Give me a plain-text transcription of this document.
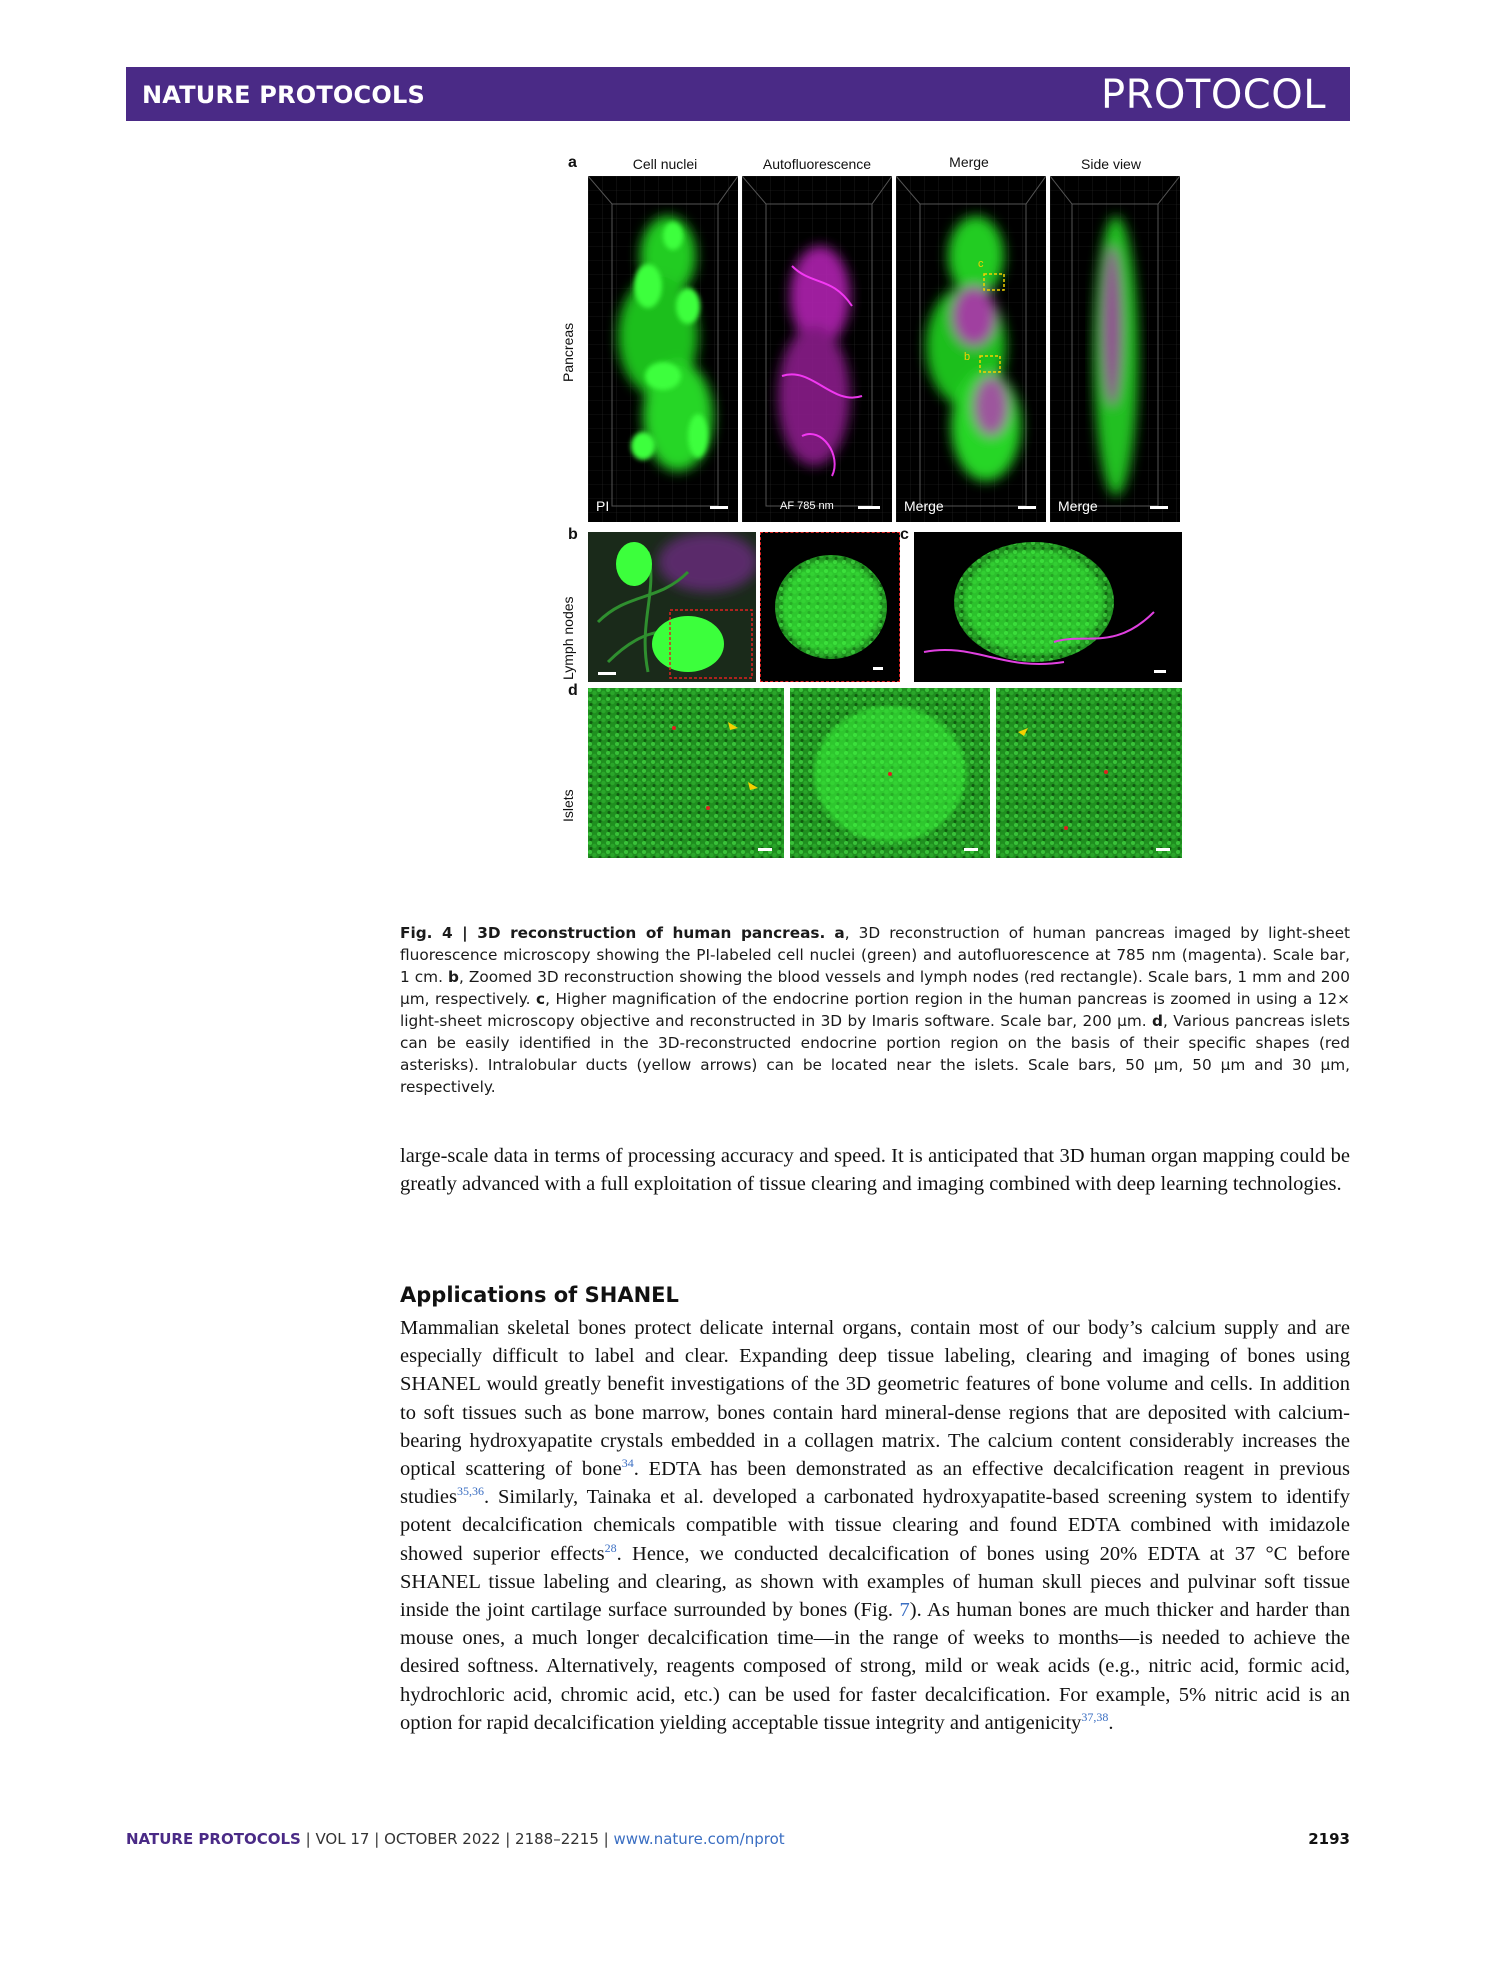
NATURE PROTOCOLS	PROTOCOL
a	Cell nuclei	Autofluorescence	Merge	Side view
Pancreas
PI	AF 785 nm
c
b
Merge	Merge
b
Lymph nodes
c
d
Islets
Fig. 4 | 3D reconstruction of human pancreas. a, 3D reconstruction of human pancreas imaged by light-sheet fluorescence microscopy showing the PI-labeled cell nuclei (green) and autofluorescence at 785 nm (magenta). Scale bar, 1 cm. b, Zoomed 3D reconstruction showing the blood vessels and lymph nodes (red rectangle). Scale bars, 1 mm and 200 μm, respectively. c, Higher magnification of the endocrine portion region in the human pancreas is zoomed in using a 12× light-sheet microscopy objective and reconstructed in 3D by Imaris software. Scale bar, 200 μm. d, Various pancreas islets can be easily identified in the 3D-reconstructed endocrine portion region on the basis of their specific shapes (red asterisks). Intralobular ducts (yellow arrows) can be located near the islets. Scale bars, 50 μm, 50 μm and 30 μm, respectively.
large-scale data in terms of processing accuracy and speed. It is anticipated that 3D human organ mapping could be greatly advanced with a full exploitation of tissue clearing and imaging combined with deep learning technologies.
Applications of SHANEL
Mammalian skeletal bones protect delicate internal organs, contain most of our body’s calcium supply and are especially difficult to label and clear. Expanding deep tissue labeling, clearing and imaging of bones using SHANEL would greatly benefit investigations of the 3D geometric features of bone volume and cells. In addition to soft tissues such as bone marrow, bones contain hard mineral-dense regions that are deposited with calcium-bearing hydroxyapatite crystals embedded in a collagen matrix. The calcium content considerably increases the optical scattering of bone$^{34}$. EDTA has been demonstrated as an effective decalcification reagent in previous studies$^{35,36}$. Similarly, Tainaka et al. developed a carbonated hydroxyapatite-based screening system to identify potent decalcification chemicals compatible with tissue clearing and found EDTA combined with imidazole showed superior effects$^{28}$. Hence, we conducted decalcification of bones using 20% EDTA at 37 °C before SHANEL tissue labeling and clearing, as shown with examples of human skull pieces and pulvinar soft tissue inside the joint cartilage surface surrounded by bones (Fig. 7). As human bones are much thicker and harder than mouse ones, a much longer decalcification time—in the range of weeks to months—is needed to achieve the desired softness. Alternatively, reagents composed of strong, mild or weak acids (e.g., nitric acid, formic acid, hydrochloric acid, chromic acid, etc.) can be used for faster decalcification. For example, 5% nitric acid is an option for rapid decalcification yielding acceptable tissue integrity and antigenicity$^{37,38}$.
NATURE PROTOCOLS | VOL 17 | OCTOBER 2022 | 2188–2215 | www.nature.com/nprot	2193
